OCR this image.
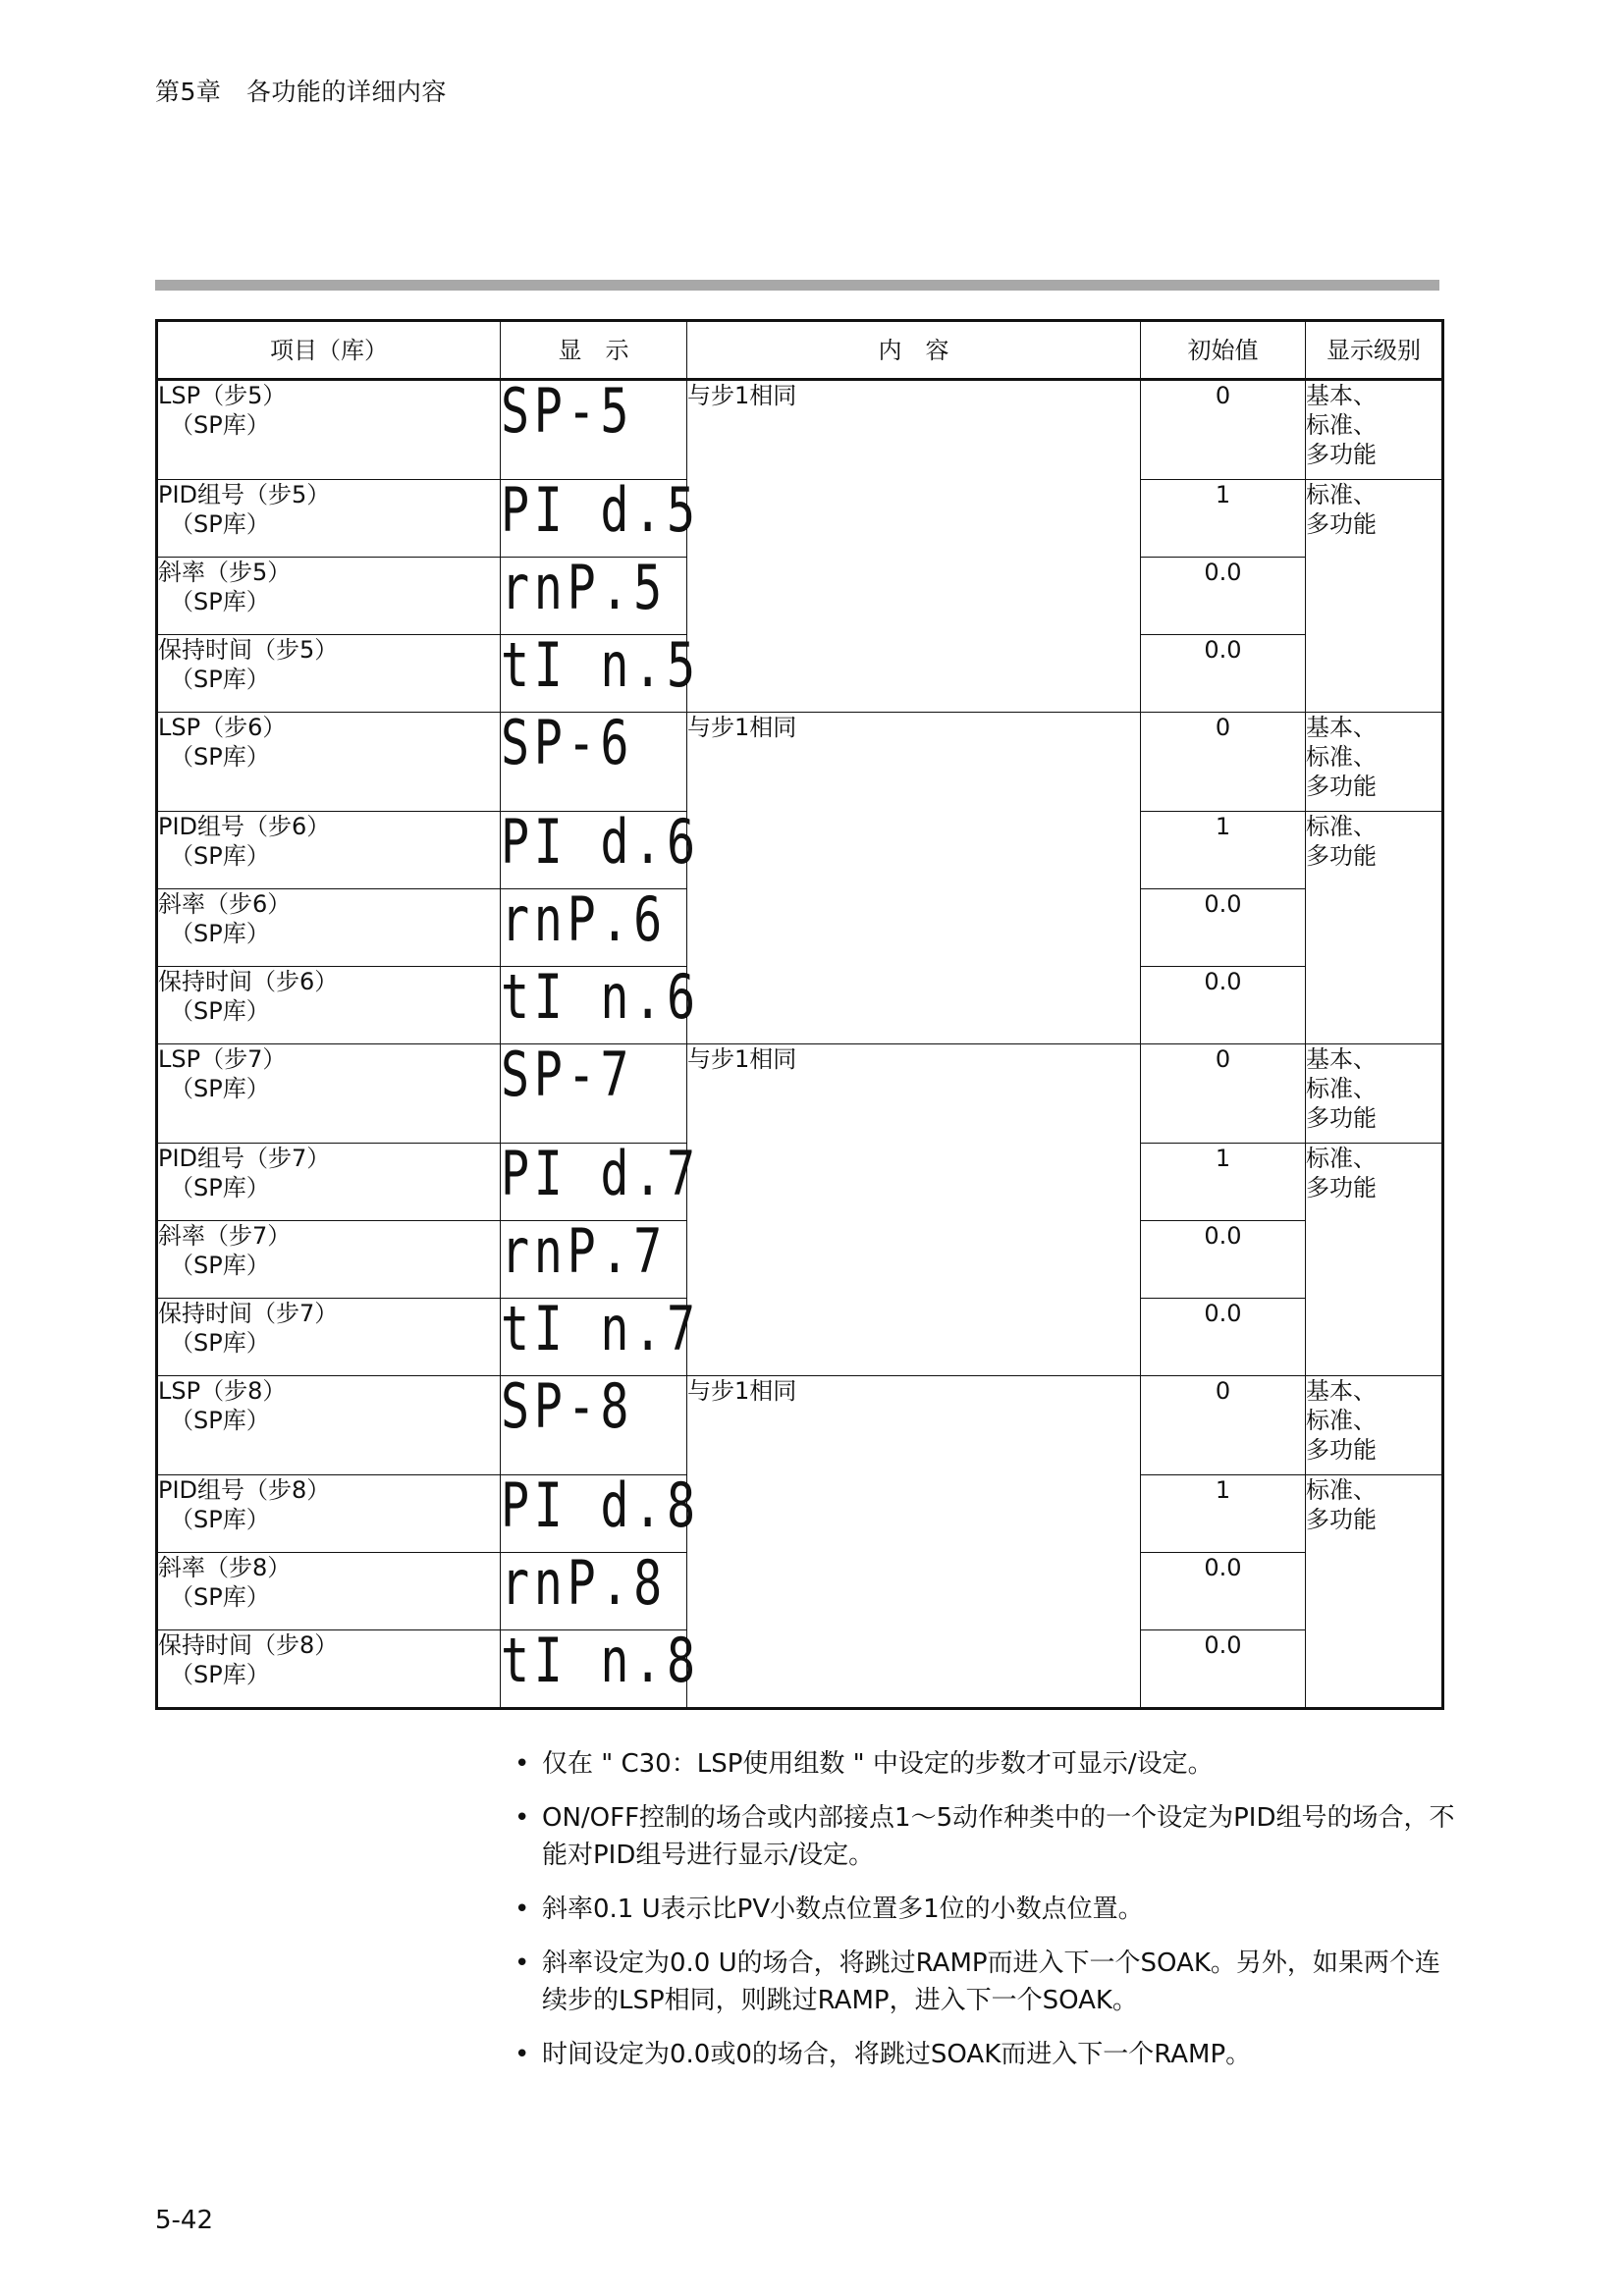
第5章　各功能的详细内容
项目（库）	显　示	内　容	初始值	显示级别

LSP（步5）
（SP库）	SP-5	与步1相同	0	基本、
标准、
多功能

PID组号（步5）
（SP库）	PI d.5		1	标准、
多功能

斜率（步5）
（SP库）	rnP.5		0.0	

保持时间（步5）
（SP库）	tI n.5		0.0	

LSP（步6）
（SP库）	SP-6	与步1相同	0	基本、
标准、
多功能

PID组号（步6）
（SP库）	PI d.6		1	标准、
多功能

斜率（步6）
（SP库）	rnP.6		0.0	

保持时间（步6）
（SP库）	tI n.6		0.0	

LSP（步7）
（SP库）	SP-7	与步1相同	0	基本、
标准、
多功能

PID组号（步7）
（SP库）	PI d.7		1	标准、
多功能

斜率（步7）
（SP库）	rnP.7		0.0	

保持时间（步7）
（SP库）	tI n.7		0.0	

LSP（步8）
（SP库）	SP-8	与步1相同	0	基本、
标准、
多功能

PID组号（步8）
（SP库）	PI d.8		1	标准、
多功能

斜率（步8）
（SP库）	rnP.8		0.0	

保持时间（步8）
（SP库）	tI n.8		0.0	
• 仅在 " C30：LSP使用组数 " 中设定的步数才可显示/设定。
• ON/OFF控制的场合或内部接点1～5动作种类中的一个设定为PID组号的场合，不能对PID组号进行显示/设定。
• 斜率0.1 U表示比PV小数点位置多1位的小数点位置。
• 斜率设定为0.0 U的场合，将跳过RAMP而进入下一个SOAK。另外，如果两个连续步的LSP相同，则跳过RAMP，进入下一个SOAK。
• 时间设定为0.0或0的场合，将跳过SOAK而进入下一个RAMP。
5-42
